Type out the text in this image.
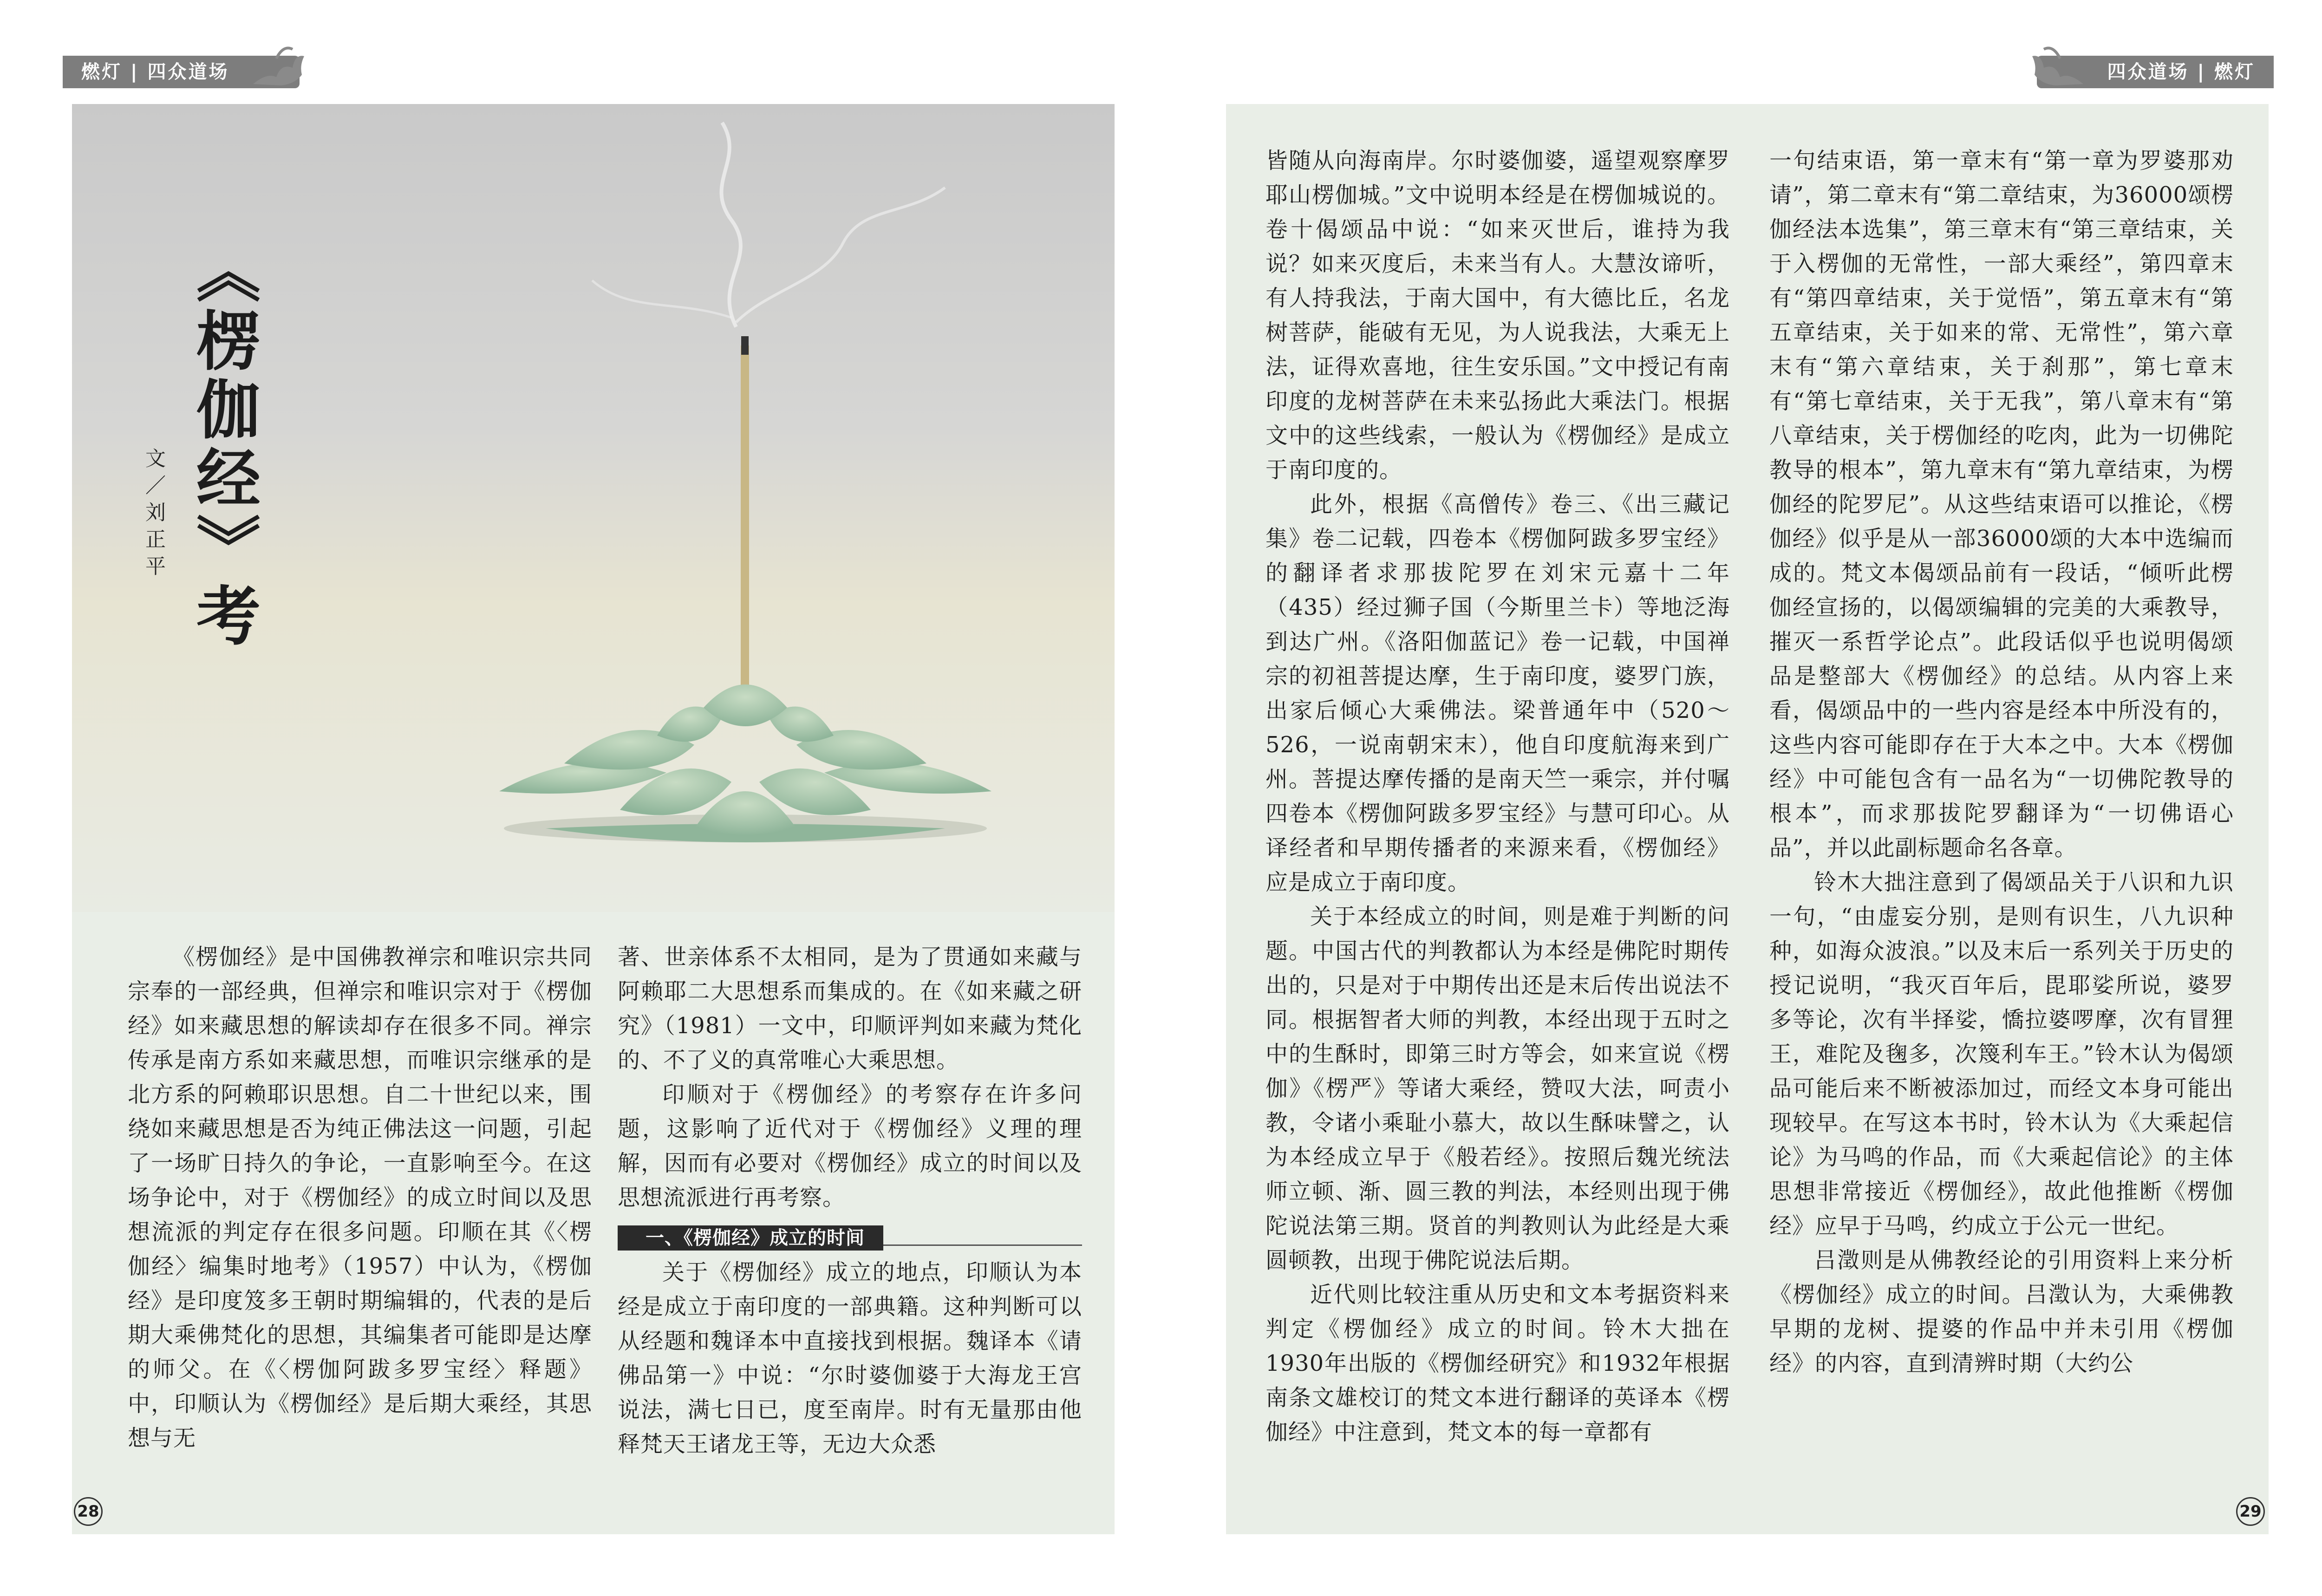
燃灯 | 四众道场	四众道场 | 燃灯
《楞伽经》考
文／刘正平

《楞伽经》是中国佛教禅宗和唯识宗共同宗奉的一部经典，但禅宗和唯识宗对于《楞伽经》如来藏思想的解读却存在很多不同。禅宗传承是南方系如来藏思想，而唯识宗继承的是北方系的阿赖耶识思想。自二十世纪以来，围绕如来藏思想是否为纯正佛法这一问题，引起了一场旷日持久的争论，一直影响至今。在这场争论中，对于《楞伽经》的成立时间以及思想流派的判定存在很多问题。印顺在其《〈楞伽经〉编集时地考》（1957）中认为，《楞伽经》是印度笈多王朝时期编辑的，代表的是后期大乘佛梵化的思想，其编集者可能即是达摩的师父。在《〈楞伽阿跋多罗宝经〉释题》中，印顺认为《楞伽经》是后期大乘经，其思想与无

著、世亲体系不太相同，是为了贯通如来藏与阿赖耶二大思想系而集成的。在《如来藏之研究》（1981）一文中，印顺评判如来藏为梵化的、不了义的真常唯心大乘思想。

印顺对于《楞伽经》的考察存在许多问题，这影响了近代对于《楞伽经》义理的理解，因而有必要对《楞伽经》成立的时间以及思想流派进行再考察。

一、《楞伽经》成立的时间

关于《楞伽经》成立的地点，印顺认为本经是成立于南印度的一部典籍。这种判断可以从经题和魏译本中直接找到根据。魏译本《请佛品第一》中说：“尔时婆伽婆于大海龙王宫说法，满七日已，度至南岸。时有无量那由他释梵天王诸龙王等，无边大众悉

28

皆随从向海南岸。尔时婆伽婆，遥望观察摩罗耶山楞伽城。”文中说明本经是在楞伽城说的。卷十偈颂品中说：“如来灭世后，谁持为我说？如来灭度后，未来当有人。大慧汝谛听，有人持我法，于南大国中，有大德比丘，名龙树菩萨，能破有无见，为人说我法，大乘无上法，证得欢喜地，往生安乐国。”文中授记有南印度的龙树菩萨在未来弘扬此大乘法门。根据文中的这些线索，一般认为《楞伽经》是成立于南印度的。

此外，根据《高僧传》卷三、《出三藏记集》卷二记载，四卷本《楞伽阿跋多罗宝经》的翻译者求那拔陀罗在刘宋元嘉十二年（435）经过狮子国（今斯里兰卡）等地泛海到达广州。《洛阳伽蓝记》卷一记载，中国禅宗的初祖菩提达摩，生于南印度，婆罗门族，出家后倾心大乘佛法。梁普通年中（520～526，一说南朝宋末），他自印度航海来到广州。菩提达摩传播的是南天竺一乘宗，并付嘱四卷本《楞伽阿跋多罗宝经》与慧可印心。从译经者和早期传播者的来源来看，《楞伽经》应是成立于南印度。

关于本经成立的时间，则是难于判断的问题。中国古代的判教都认为本经是佛陀时期传出的，只是对于中期传出还是末后传出说法不同。根据智者大师的判教，本经出现于五时之中的生酥时，即第三时方等会，如来宣说《楞伽》《楞严》等诸大乘经，赞叹大法，呵责小教，令诸小乘耻小慕大，故以生酥味譬之，认为本经成立早于《般若经》。按照后魏光统法师立顿、渐、圆三教的判法，本经则出现于佛陀说法第三期。贤首的判教则认为此经是大乘圆顿教，出现于佛陀说法后期。

近代则比较注重从历史和文本考据资料来判定《楞伽经》成立的时间。铃木大拙在1930年出版的《楞伽经研究》和1932年根据南条文雄校订的梵文本进行翻译的英译本《楞伽经》中注意到，梵文本的每一章都有

一句结束语，第一章末有“第一章为罗婆那劝请”，第二章末有“第二章结束，为36000颂楞伽经法本选集”，第三章末有“第三章结束，关于入楞伽的无常性，一部大乘经”，第四章末有“第四章结束，关于觉悟”，第五章末有“第五章结束，关于如来的常、无常性”，第六章末有“第六章结束，关于刹那”，第七章末有“第七章结束，关于无我”，第八章末有“第八章结束，关于楞伽经的吃肉，此为一切佛陀教导的根本”，第九章末有“第九章结束，为楞伽经的陀罗尼”。从这些结束语可以推论，《楞伽经》似乎是从一部36000颂的大本中选编而成的。梵文本偈颂品前有一段话，“倾听此楞伽经宣扬的，以偈颂编辑的完美的大乘教导，摧灭一系哲学论点”。此段话似乎也说明偈颂品是整部大《楞伽经》的总结。从内容上来看，偈颂品中的一些内容是经本中所没有的，这些内容可能即存在于大本之中。大本《楞伽经》中可能包含有一品名为“一切佛陀教导的根本”，而求那拔陀罗翻译为“一切佛语心品”，并以此副标题命名各章。

铃木大拙注意到了偈颂品关于八识和九识一句，“由虚妄分别，是则有识生，八九识种种，如海众波浪。”以及末后一系列关于历史的授记说明，“我灭百年后，毘耶娑所说，婆罗多等论，次有半择娑，憍拉婆啰摩，次有冒狸王，难陀及毱多，次篾利车王。”铃木认为偈颂品可能后来不断被添加过，而经文本身可能出现较早。在写这本书时，铃木认为《大乘起信论》为马鸣的作品，而《大乘起信论》的主体思想非常接近《楞伽经》，故此他推断《楞伽经》应早于马鸣，约成立于公元一世纪。

吕澂则是从佛教经论的引用资料上来分析《楞伽经》成立的时间。吕澂认为，大乘佛教早期的龙树、提婆的作品中并未引用《楞伽经》的内容，直到清辨时期（大约公

29
